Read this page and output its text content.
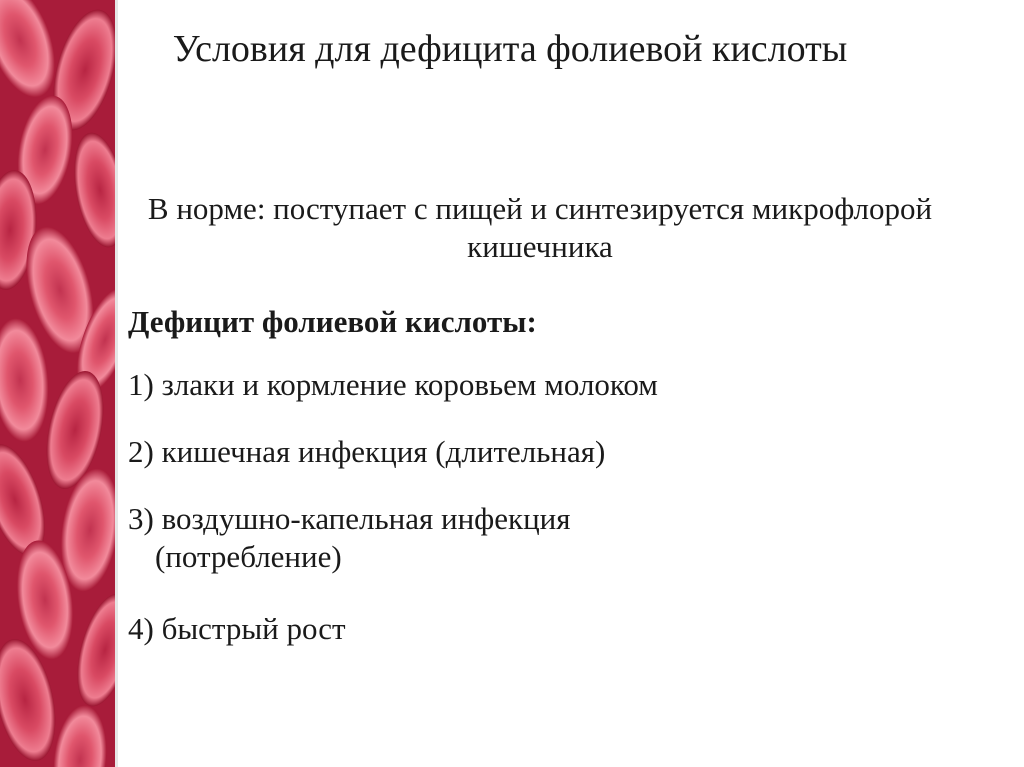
Условия для дефицита фолиевой кислоты

В норме: поступает с пищей и синтезируется микрофлорой кишечника

Дефицит фолиевой кислоты:

1) злаки и кормление коровьем молоком

2) кишечная инфекция (длительная)

3) воздушно-капельная инфекция
(потребление)

4) быстрый рост
